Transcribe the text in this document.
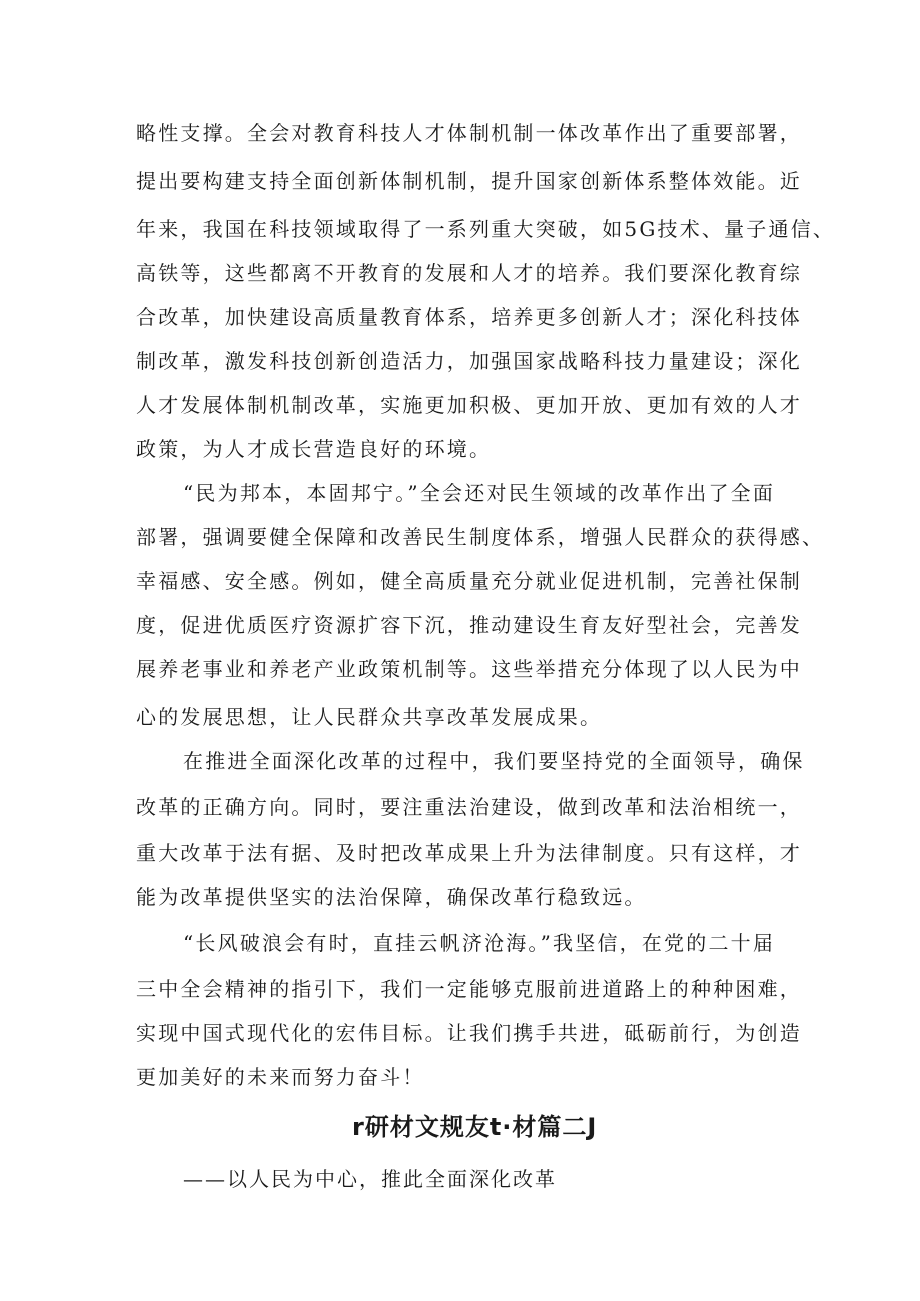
略性支撑。全会对教育科技人才体制机制一体改革作出了重要部署，
提出要构建支持全面创新体制机制，提升国家创新体系整体效能。近
年来，我国在科技领域取得了一系列重大突破，如5G技术、量子通信、
高铁等，这些都离不开教育的发展和人才的培养。我们要深化教育综
合改革，加快建设高质量教育体系，培养更多创新人才；深化科技体
制改革，激发科技创新创造活力，加强国家战略科技力量建设；深化
人才发展体制机制改革，实施更加积极、更加开放、更加有效的人才
政策，为人才成长营造良好的环境。
“民为邦本，本固邦宁。”全会还对民生领域的改革作出了全面
部署，强调要健全保障和改善民生制度体系，增强人民群众的获得感、
幸福感、安全感。例如，健全高质量充分就业促进机制，完善社保制
度，促进优质医疗资源扩容下沉，推动建设生育友好型社会，完善发
展养老事业和养老产业政策机制等。这些举措充分体现了以人民为中
心的发展思想，让人民群众共享改革发展成果。
在推进全面深化改革的过程中，我们要坚持党的全面领导，确保
改革的正确方向。同时，要注重法治建设，做到改革和法治相统一，
重大改革于法有据、及时把改革成果上升为法律制度。只有这样，才
能为改革提供坚实的法治保障，确保改革行稳致远。
“长风破浪会有时，直挂云帆济沧海。”我坚信，在党的二十届
三中全会精神的指引下，我们一定能够克服前进道路上的种种困难，
实现中国式现代化的宏伟目标。让我们携手共进，砥砺前行，为创造
更加美好的未来而努力奋斗！
r研材文规友t·材篇二J
——以人民为中心，推此全面深化改革
